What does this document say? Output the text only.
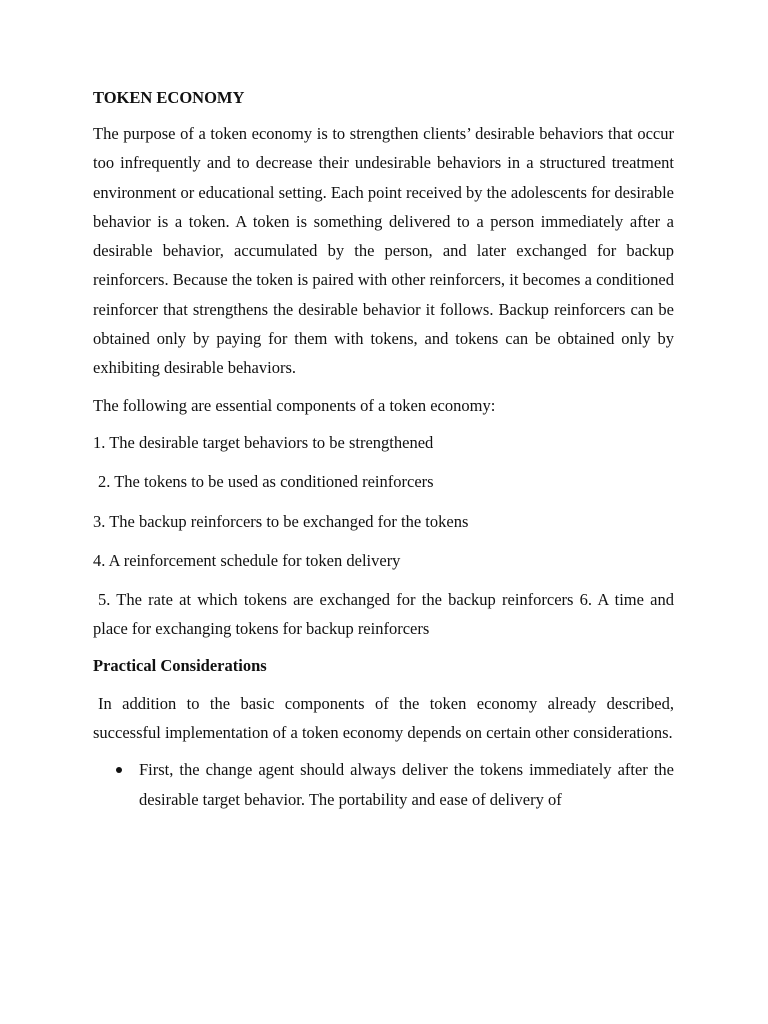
TOKEN ECONOMY

The purpose of a token economy is to strengthen clients’ desirable behaviors that occur too infrequently and to decrease their undesirable behaviors in a structured treatment environment or educational setting. Each point received by the adolescents for desirable behavior is a token. A token is something delivered to a person immediately after a desirable behavior, accumulated by the person, and later exchanged for backup reinforcers. Because the token is paired with other reinforcers, it becomes a conditioned reinforcer that strengthens the desirable behavior it follows. Backup reinforcers can be obtained only by paying for them with tokens, and tokens can be obtained only by exhibiting desirable behaviors.

The following are essential components of a token economy:

1. The desirable target behaviors to be strengthened
2. The tokens to be used as conditioned reinforcers
3. The backup reinforcers to be exchanged for the tokens
4. A reinforcement schedule for token delivery
5. The rate at which tokens are exchanged for the backup reinforcers 6. A time and place for exchanging tokens for backup reinforcers
Practical Considerations

In addition to the basic components of the token economy already described, successful implementation of a token economy depends on certain other considerations.

First, the change agent should always deliver the tokens immediately after the desirable target behavior. The portability and ease of delivery of
